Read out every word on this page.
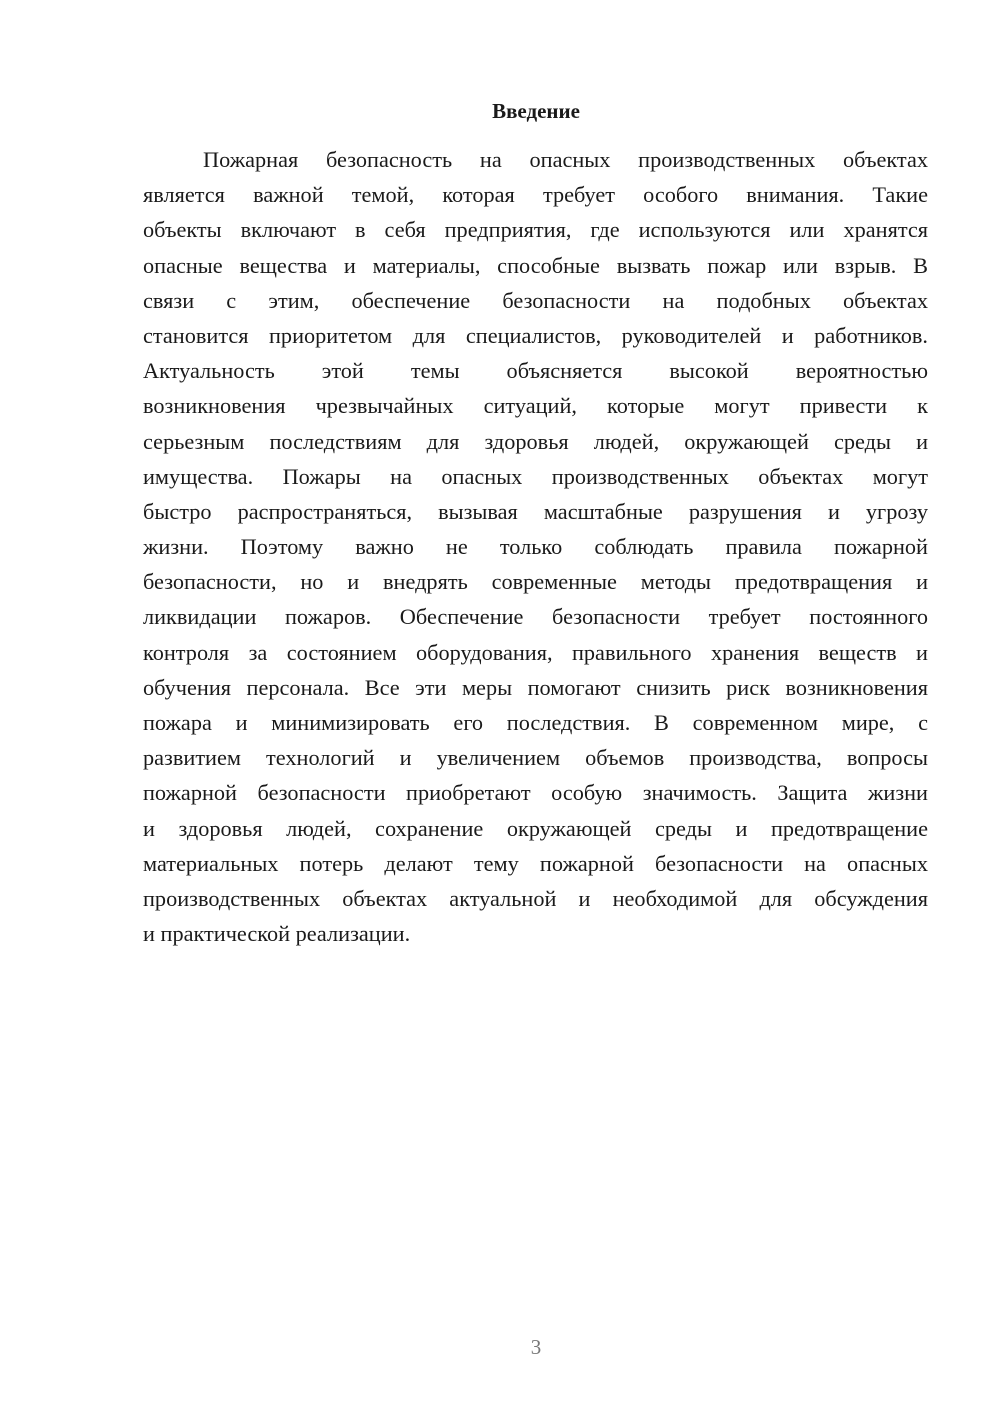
Введение
Пожарная безопасность на опасных производственных объектах
является важной темой, которая требует особого внимания. Такие
объекты включают в себя предприятия, где используются или хранятся
опасные вещества и материалы, способные вызвать пожар или взрыв. В
связи с этим, обеспечение безопасности на подобных объектах
становится приоритетом для специалистов, руководителей и работников.
Актуальность этой темы объясняется высокой вероятностью
возникновения чрезвычайных ситуаций, которые могут привести к
серьезным последствиям для здоровья людей, окружающей среды и
имущества. Пожары на опасных производственных объектах могут
быстро распространяться, вызывая масштабные разрушения и угрозу
жизни. Поэтому важно не только соблюдать правила пожарной
безопасности, но и внедрять современные методы предотвращения и
ликвидации пожаров. Обеспечение безопасности требует постоянного
контроля за состоянием оборудования, правильного хранения веществ и
обучения персонала. Все эти меры помогают снизить риск возникновения
пожара и минимизировать его последствия. В современном мире, с
развитием технологий и увеличением объемов производства, вопросы
пожарной безопасности приобретают особую значимость. Защита жизни
и здоровья людей, сохранение окружающей среды и предотвращение
материальных потерь делают тему пожарной безопасности на опасных
производственных объектах актуальной и необходимой для обсуждения
и практической реализации.
3
